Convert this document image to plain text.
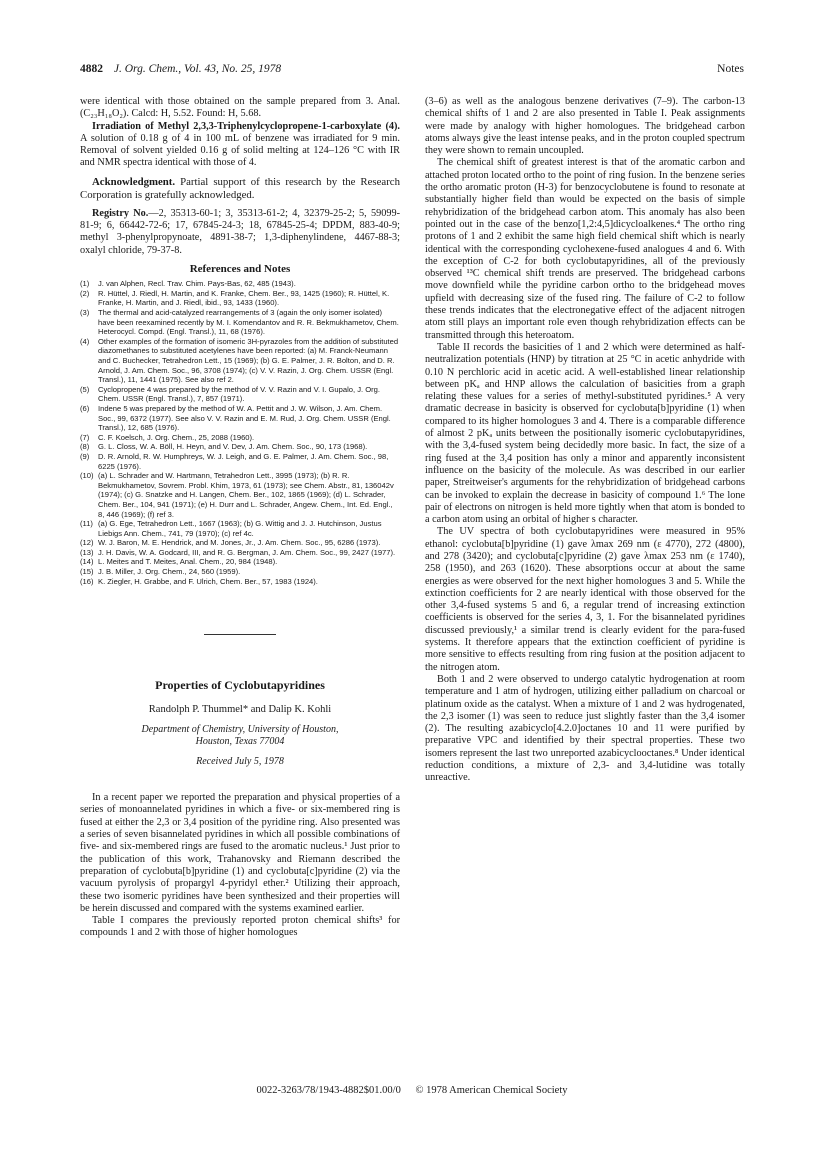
4882 J. Org. Chem., Vol. 43, No. 25, 1978	Notes

were identical with those obtained on the sample prepared from 3. Anal. (C₂₃H₁₈O₂). Calcd: H, 5.52. Found: H, 5.68.

Irradiation of Methyl 2,3,3-Triphenylcyclopropene-1-carboxylate (4). A solution of 0.18 g of 4 in 100 mL of benzene was irradiated for 9 min. Removal of solvent yielded 0.16 g of solid melting at 124–126 °C with IR and NMR spectra identical with those of 4.

Acknowledgment. Partial support of this research by the Research Corporation is gratefully acknowledged.

Registry No.—2, 35313-60-1; 3, 35313-61-2; 4, 32379-25-2; 5, 59099-81-9; 6, 66442-72-6; 17, 67845-24-3; 18, 67845-25-4; DPDM, 883-40-9; methyl 3-phenylpropynoate, 4891-38-7; 1,3-diphenylindene, 4467-88-3; oxalyl chloride, 79-37-8.

References and Notes

(1) J. van Alphen, Recl. Trav. Chim. Pays-Bas, 62, 485 (1943).

(2) R. Hüttel, J. Riedl, H. Martin, and K. Franke, Chem. Ber., 93, 1425 (1960); R. Hüttel, K. Franke, H. Martin, and J. Riedl, ibid., 93, 1433 (1960).

(3) The thermal and acid-catalyzed rearrangements of 3 (again the only isomer isolated) have been reexamined recently by M. I. Komendantov and R. R. Bekmukhametov, Chem. Heterocycl. Compd. (Engl. Transl.), 11, 68 (1976).

(4) Other examples of the formation of isomeric 3H-pyrazoles from the addition of substituted diazomethanes to substituted acetylenes have been reported: (a) M. Franck-Neumann and C. Buchecker, Tetrahedron Lett., 15 (1969); (b) G. E. Palmer, J. R. Bolton, and D. R. Arnold, J. Am. Chem. Soc., 96, 3708 (1974); (c) V. V. Razin, J. Org. Chem. USSR (Engl. Transl.), 11, 1441 (1975). See also ref 2.

(5) Cyclopropene 4 was prepared by the method of V. V. Razin and V. I. Gupalo, J. Org. Chem. USSR (Engl. Transl.), 7, 857 (1971).

(6) Indene 5 was prepared by the method of W. A. Pettit and J. W. Wilson, J. Am. Chem. Soc., 99, 6372 (1977). See also V. V. Razin and E. M. Rud, J. Org. Chem. USSR (Engl. Transl.), 12, 685 (1976).

(7) C. F. Koelsch, J. Org. Chem., 25, 2088 (1960).

(8) G. L. Closs, W. A. Böll, H. Heyn, and V. Dev, J. Am. Chem. Soc., 90, 173 (1968).

(9) D. R. Arnold, R. W. Humphreys, W. J. Leigh, and G. E. Palmer, J. Am. Chem. Soc., 98, 6225 (1976).

(10) (a) L. Schrader and W. Hartmann, Tetrahedron Lett., 3995 (1973); (b) R. R. Bekmukhametov, Sovrem. Probl. Khim, 1973, 61 (1973); see Chem. Abstr., 81, 136042v (1974); (c) G. Snatzke and H. Langen, Chem. Ber., 102, 1865 (1969); (d) L. Schrader, Chem. Ber., 104, 941 (1971); (e) H. Durr and L. Schrader, Angew. Chem., Int. Ed. Engl., 8, 446 (1969); (f) ref 3.

(11) (a) G. Ege, Tetrahedron Lett., 1667 (1963); (b) G. Wittig and J. J. Hutchinson, Justus Liebigs Ann. Chem., 741, 79 (1970); (c) ref 4c.

(12) W. J. Baron, M. E. Hendrick, and M. Jones, Jr., J. Am. Chem. Soc., 95, 6286 (1973).

(13) J. H. Davis, W. A. Godcard, III, and R. G. Bergman, J. Am. Chem. Soc., 99, 2427 (1977).

(14) L. Meites and T. Meites, Anal. Chem., 20, 984 (1948).

(15) J. B. Miller, J. Org. Chem., 24, 560 (1959).

(16) K. Ziegler, H. Grabbe, and F. Ulrich, Chem. Ber., 57, 1983 (1924).

Properties of Cyclobutapyridines
Randolph P. Thummel* and Dalip K. Kohli
Department of Chemistry, University of Houston,
Houston, Texas 77004
Received July 5, 1978

In a recent paper we reported the preparation and physical properties of a series of monoannelated pyridines in which a five- or six-membered ring is fused at either the 2,3 or 3,4 position of the pyridine ring. Also presented was a series of seven bisannelated pyridines in which all possible combinations of five- and six-membered rings are fused to the aromatic nucleus.¹ Just prior to the publication of this work, Trahanovsky and Riemann described the preparation of cyclobuta[b]pyridine (1) and cyclobuta[c]pyridine (2) via the vacuum pyrolysis of propargyl 4-pyridyl ether.² Utilizing their approach, these two isomeric pyridines have been synthesized and their properties will be herein discussed and compared with the systems examined earlier.

Table I compares the previously reported proton chemical shifts³ for compounds 1 and 2 with those of higher homologues

(3–6) as well as the analogous benzene derivatives (7–9). The carbon-13 chemical shifts of 1 and 2 are also presented in Table I. Peak assignments were made by analogy with higher homologues. The bridgehead carbon atoms always give the least intense peaks, and in the proton coupled spectrum they were shown to remain uncoupled.

The chemical shift of greatest interest is that of the aromatic carbon and attached proton located ortho to the point of ring fusion. In the benzene series the ortho aromatic proton (H-3) for benzocyclobutene is found to resonate at substantially higher field than would be expected on the basis of simple rehybridization of the bridgehead carbon atom. This anomaly has also been pointed out in the case of the benzo[1,2:4,5]dicycloalkenes.⁴ The ortho ring protons of 1 and 2 exhibit the same high field chemical shift which is nearly identical with the corresponding cyclohexene-fused analogues 4 and 6. With the exception of C-2 for both cyclobutapyridines, all of the previously observed ¹³C chemical shift trends are preserved. The bridgehead carbons move downfield while the pyridine carbon ortho to the bridgehead moves upfield with decreasing size of the fused ring. The failure of C-2 to follow these trends indicates that the electronegative effect of the adjacent nitrogen atom still plays an important role even though rehybridization effects can be transmitted through this heteroatom.

Table II records the basicities of 1 and 2 which were determined as half-neutralization potentials (HNP) by titration at 25 °C in acetic anhydride with 0.10 N perchloric acid in acetic acid. A well-established linear relationship between pKₐ and HNP allows the calculation of basicities from a graph relating these values for a series of methyl-substituted pyridines.⁵ A very dramatic decrease in basicity is observed for cyclobuta[b]pyridine (1) when compared to its higher homologues 3 and 4. There is a comparable difference of almost 2 pKₐ units between the positionally isomeric cyclobutapyridines, with the 3,4-fused system being decidedly more basic. In fact, the size of a ring fused at the 3,4 position has only a minor and apparently inconsistent influence on the basicity of the molecule. As was described in our earlier paper, Streitweiser's arguments for the rehybridization of bridgehead carbons can be invoked to explain the decrease in basicity of compound 1.⁶ The lone pair of electrons on nitrogen is held more tightly when that atom is bonded to a carbon atom using an orbital of higher s character.

The UV spectra of both cyclobutapyridines were measured in 95% ethanol: cyclobuta[b]pyridine (1) gave λmax 269 nm (ε 4770), 272 (4800), and 278 (3420); and cyclobuta[c]pyridine (2) gave λmax 253 nm (ε 1740), 258 (1950), and 263 (1620). These absorptions occur at about the same energies as were observed for the next higher homologues 3 and 5. While the extinction coefficients for 2 are nearly identical with those observed for the other 3,4-fused systems 5 and 6, a regular trend of increasing extinction coefficients is observed for the series 4, 3, 1. For the bisannelated pyridines discussed previously,¹ a similar trend is clearly evident for the para-fused systems. It therefore appears that the extinction coefficient of pyridine is more sensitive to effects resulting from ring fusion at the position adjacent to the nitrogen atom.

Both 1 and 2 were observed to undergo catalytic hydrogenation at room temperature and 1 atm of hydrogen, utilizing either palladium on charcoal or platinum oxide as the catalyst. When a mixture of 1 and 2 was hydrogenated, the 2,3 isomer (1) was seen to reduce just slightly faster than the 3,4 isomer (2). The resulting azabicyclo[4.2.0]octanes 10 and 11 were purified by preparative VPC and identified by their spectral properties. These two isomers represent the last two unreported azabicyclooctanes.⁸ Under identical reduction conditions, a mixture of 2,3- and 3,4-lutidine was totally unreactive.

0022-3263/78/1943-4882$01.00/0 © 1978 American Chemical Society
